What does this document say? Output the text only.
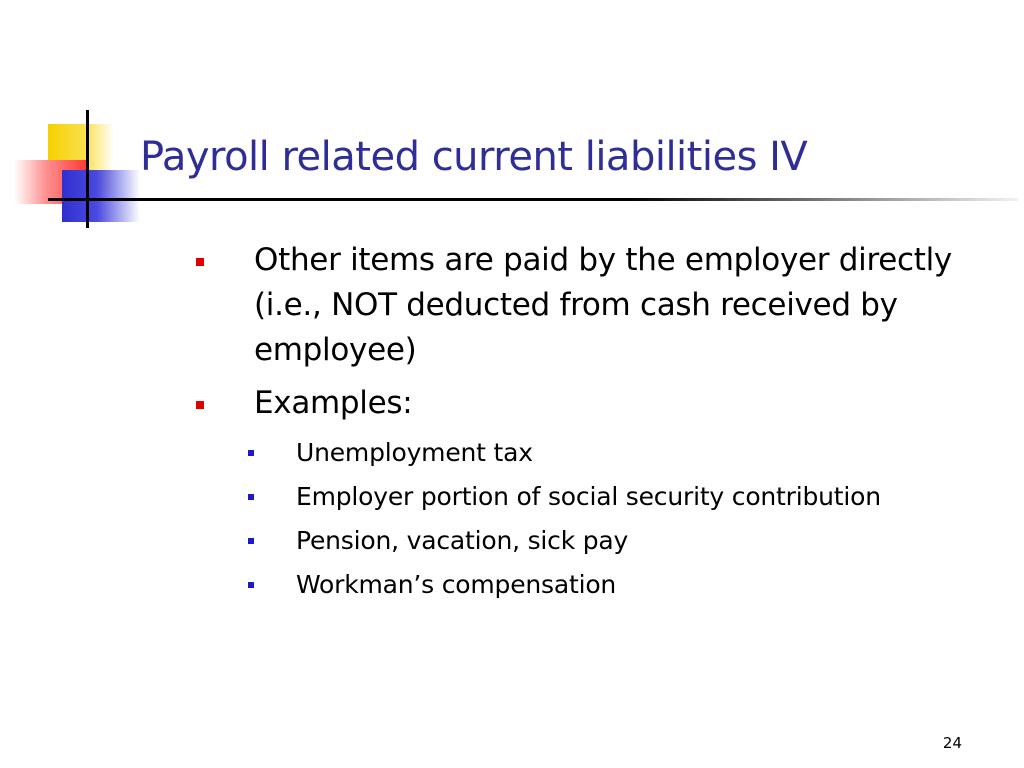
Payroll related current liabilities IV
Other items are paid by the employer directly (i.e., NOT deducted from cash received by employee)
Examples:
Unemployment tax
Employer portion of social security contribution
Pension, vacation, sick pay
Workman’s compensation
24
